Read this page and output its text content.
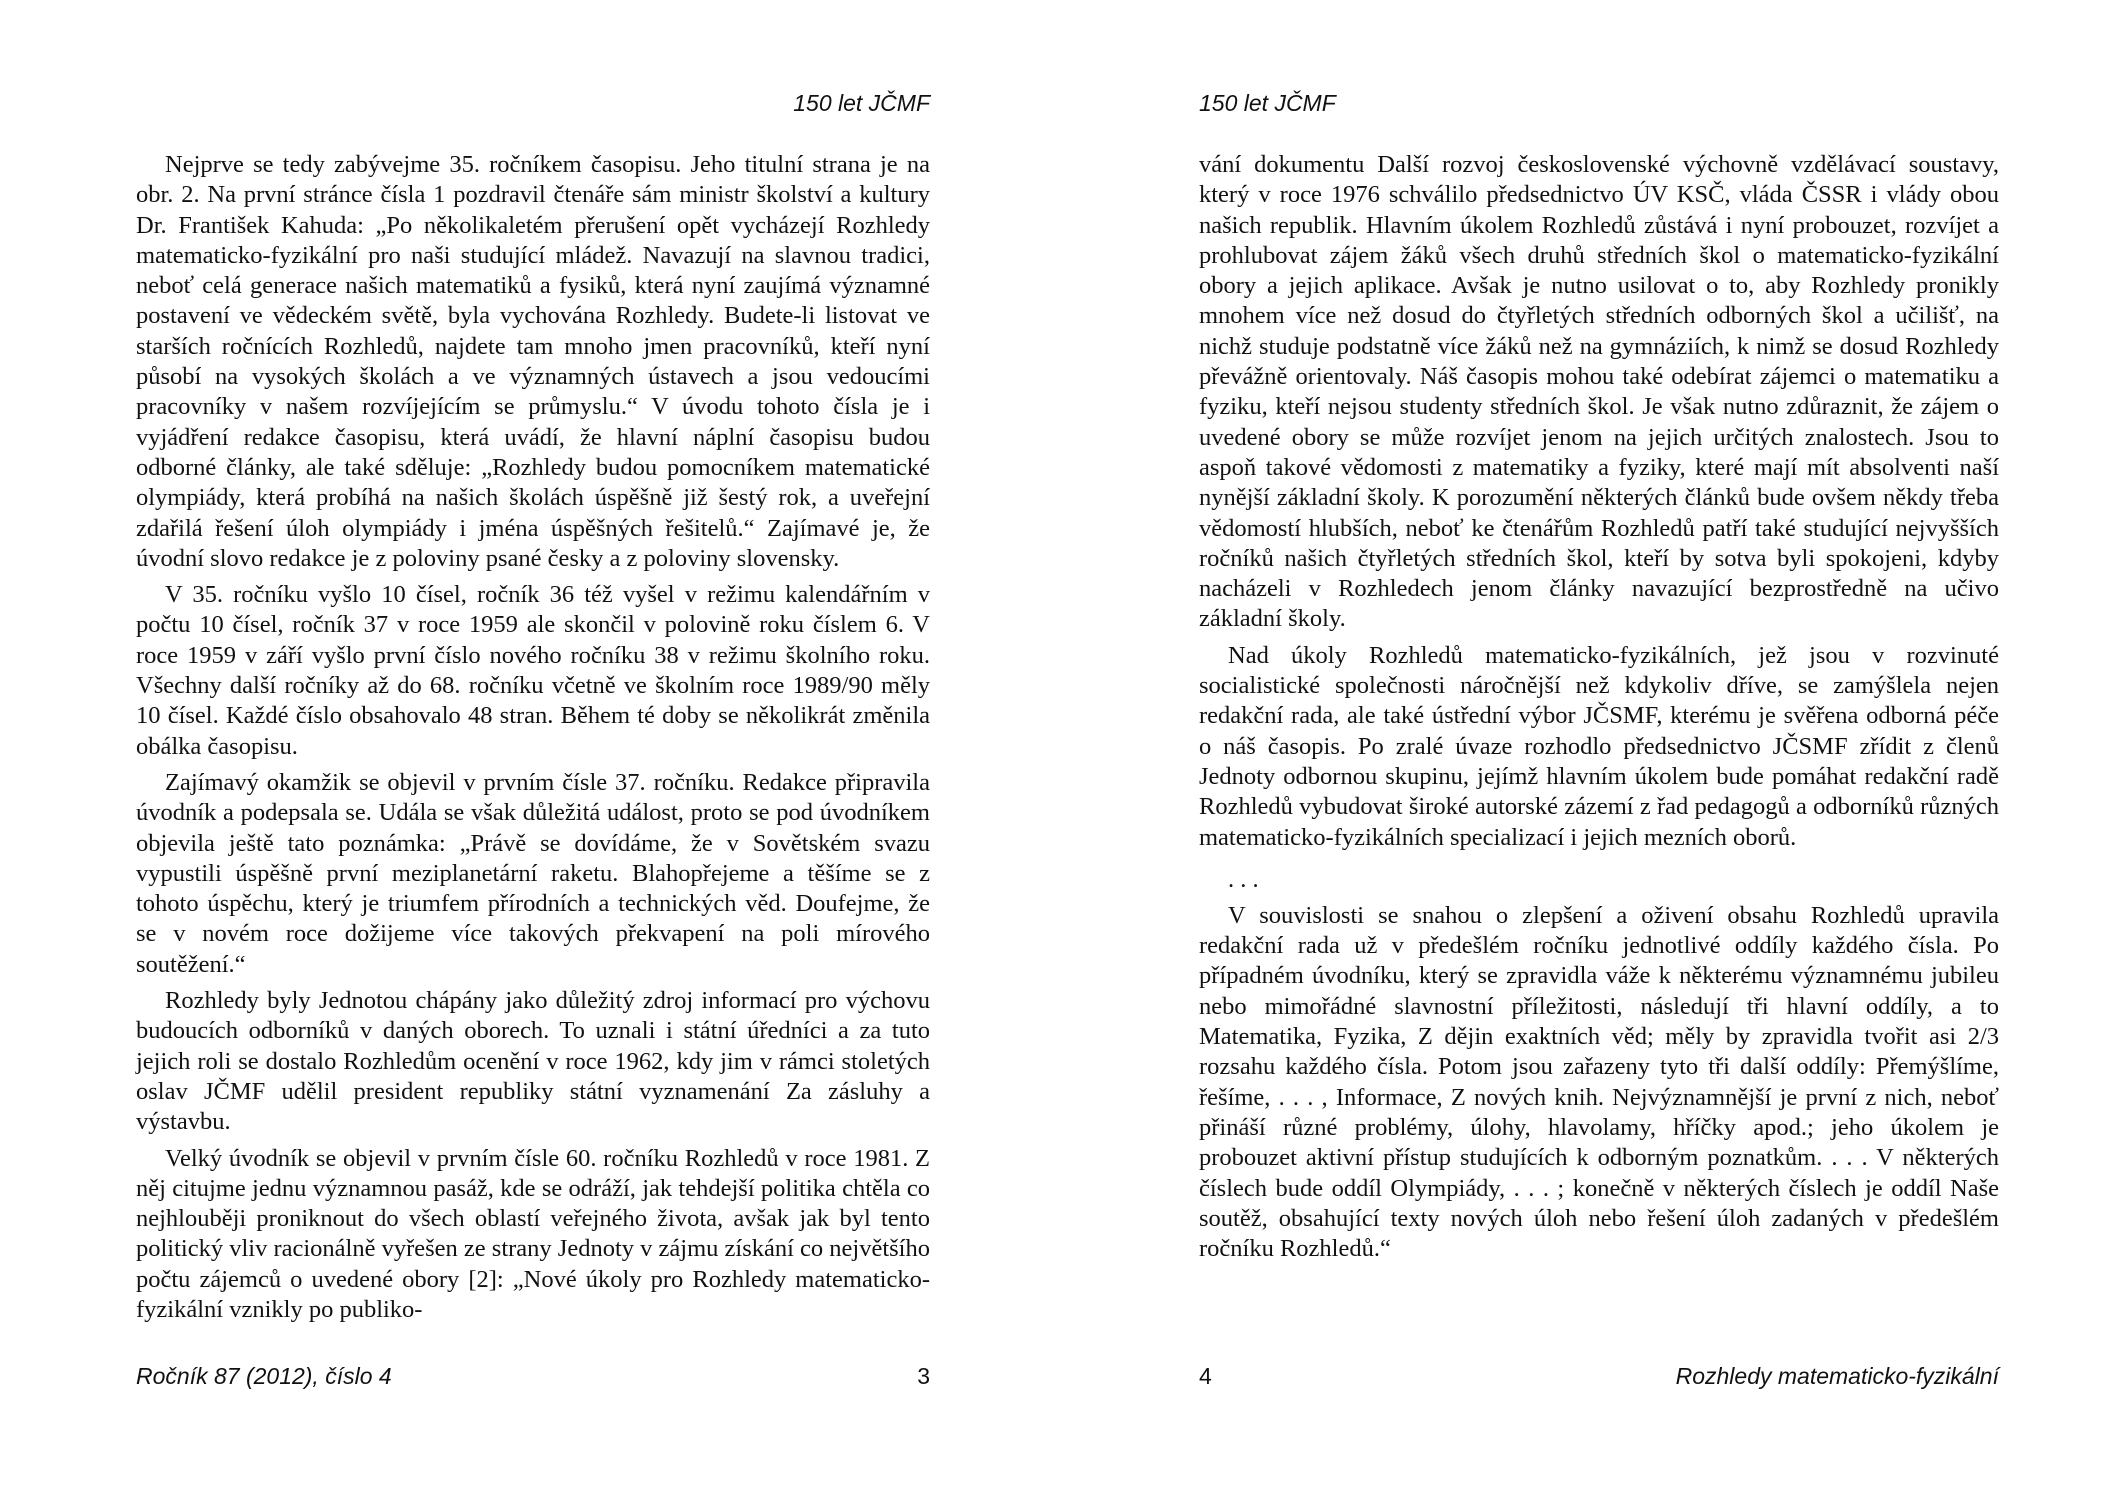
150 let JČMF

Nejprve se tedy zabývejme 35. ročníkem časopisu. Jeho titulní strana je na obr. 2. Na první stránce čísla 1 pozdravil čtenáře sám ministr školství a kultury Dr. František Kahuda: „Po několikaletém přerušení opět vycházejí Rozhledy matematicko-fyzikální pro naši studující mládež. Navazují na slavnou tradici, neboť celá generace našich matematiků a fysiků, která nyní zaujímá významné postavení ve vědeckém světě, byla vychována Rozhledy. Budete-li listovat ve starších ročnících Rozhledů, najdete tam mnoho jmen pracovníků, kteří nyní působí na vysokých školách a ve významných ústavech a jsou vedoucími pracovníky v našem rozvíjejícím se průmyslu.“ V úvodu tohoto čísla je i vyjádření redakce časopisu, která uvádí, že hlavní náplní časopisu budou odborné články, ale také sděluje: „Rozhledy budou pomocníkem matematické olympiády, která probíhá na našich školách úspěšně již šestý rok, a uveřejní zdařilá řešení úloh olympiády i jména úspěšných řešitelů.“ Zajímavé je, že úvodní slovo redakce je z poloviny psané česky a z poloviny slovensky.

V 35. ročníku vyšlo 10 čísel, ročník 36 též vyšel v režimu kalendářním v počtu 10 čísel, ročník 37 v roce 1959 ale skončil v polovině roku číslem 6. V roce 1959 v září vyšlo první číslo nového ročníku 38 v režimu školního roku. Všechny další ročníky až do 68. ročníku včetně ve školním roce 1989/90 měly 10 čísel. Každé číslo obsahovalo 48 stran. Během té doby se několikrát změnila obálka časopisu.

Zajímavý okamžik se objevil v prvním čísle 37. ročníku. Redakce připravila úvodník a podepsala se. Udála se však důležitá událost, proto se pod úvodníkem objevila ještě tato poznámka: „Právě se dovídáme, že v Sovětském svazu vypustili úspěšně první meziplanetární raketu. Blahopřejeme a těšíme se z tohoto úspěchu, který je triumfem přírodních a technických věd. Doufejme, že se v novém roce dožijeme více takových překvapení na poli mírového soutěžení.“

Rozhledy byly Jednotou chápány jako důležitý zdroj informací pro výchovu budoucích odborníků v daných oborech. To uznali i státní úředníci a za tuto jejich roli se dostalo Rozhledům ocenění v roce 1962, kdy jim v rámci stoletých oslav JČMF udělil president republiky státní vyznamenání Za zásluhy a výstavbu.

Velký úvodník se objevil v prvním čísle 60. ročníku Rozhledů v roce 1981. Z něj citujme jednu významnou pasáž, kde se odráží, jak tehdejší politika chtěla co nejhlouběji proniknout do všech oblastí veřejného života, avšak jak byl tento politický vliv racionálně vyřešen ze strany Jednoty v zájmu získání co největšího počtu zájemců o uvedené obory [2]: „Nové úkoly pro Rozhledy matematicko-fyzikální vznikly po publiko-

Ročník 87 (2012), číslo 4	3
150 let JČMF

vání dokumentu Další rozvoj československé výchovně vzdělávací soustavy, který v roce 1976 schválilo předsednictvo ÚV KSČ, vláda ČSSR i vlády obou našich republik. Hlavním úkolem Rozhledů zůstává i nyní probouzet, rozvíjet a prohlubovat zájem žáků všech druhů středních škol o matematicko-fyzikální obory a jejich aplikace. Avšak je nutno usilovat o to, aby Rozhledy pronikly mnohem více než dosud do čtyřletých středních odborných škol a učilišť, na nichž studuje podstatně více žáků než na gymnáziích, k nimž se dosud Rozhledy převážně orientovaly. Náš časopis mohou také odebírat zájemci o matematiku a fyziku, kteří nejsou studenty středních škol. Je však nutno zdůraznit, že zájem o uvedené obory se může rozvíjet jenom na jejich určitých znalostech. Jsou to aspoň takové vědomosti z matematiky a fyziky, které mají mít absolventi naší nynější základní školy. K porozumění některých článků bude ovšem někdy třeba vědomostí hlubších, neboť ke čtenářům Rozhledů patří také studující nejvyšších ročníků našich čtyřletých středních škol, kteří by sotva byli spokojeni, kdyby nacházeli v Rozhledech jenom články navazující bezprostředně na učivo základní školy.

Nad úkoly Rozhledů matematicko-fyzikálních, jež jsou v rozvinuté socialistické společnosti náročnější než kdykoliv dříve, se zamýšlela nejen redakční rada, ale také ústřední výbor JČSMF, kterému je svěřena odborná péče o náš časopis. Po zralé úvaze rozhodlo předsednictvo JČSMF zřídit z členů Jednoty odbornou skupinu, jejímž hlavním úkolem bude pomáhat redakční radě Rozhledů vybudovat široké autorské zázemí z řad pedagogů a odborníků různých matematicko-fyzikálních specializací i jejich mezních oborů.

. . .

V souvislosti se snahou o zlepšení a oživení obsahu Rozhledů upravila redakční rada už v předešlém ročníku jednotlivé oddíly každého čísla. Po případném úvodníku, který se zpravidla váže k některému významnému jubileu nebo mimořádné slavnostní příležitosti, následují tři hlavní oddíly, a to Matematika, Fyzika, Z dějin exaktních věd; měly by zpravidla tvořit asi 2/3 rozsahu každého čísla. Potom jsou zařazeny tyto tři další oddíly: Přemýšlíme, řešíme, . . . , Informace, Z nových knih. Nejvýznamnější je první z nich, neboť přináší různé problémy, úlohy, hlavolamy, hříčky apod.; jeho úkolem je probouzet aktivní přístup studujících k odborným poznatkům. . . . V některých číslech bude oddíl Olympiády, . . . ; konečně v některých číslech je oddíl Naše soutěž, obsahující texty nových úloh nebo řešení úloh zadaných v předešlém ročníku Rozhledů.“

4	Rozhledy matematicko-fyzikální
